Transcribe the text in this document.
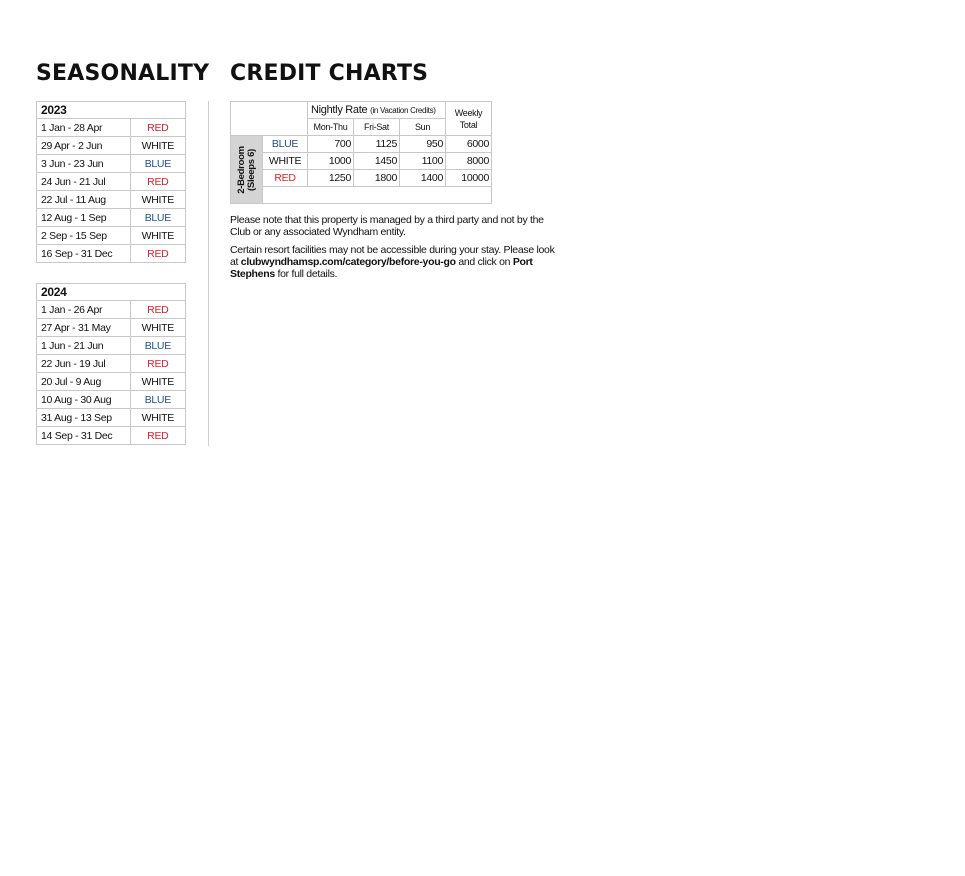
SEASONALITY CREDIT CHARTS
2023	
1 Jan - 28 Apr	RED
29 Apr - 2 Jun	WHITE
3 Jun - 23 Jun	BLUE
24 Jun - 21 Jul	RED
22 Jul - 11 Aug	WHITE
12 Aug - 1 Sep	BLUE
2 Sep - 15 Sep	WHITE
16 Sep - 31 Dec	RED
2024	
1 Jan - 26 Apr	RED
27 Apr - 31 May	WHITE
1 Jun - 21 Jun	BLUE
22 Jun - 19 Jul	RED
20 Jul - 9 Aug	WHITE
10 Aug - 30 Aug	BLUE
31 Aug - 13 Sep	WHITE
14 Sep - 31 Dec	RED
		Nightly Rate (in Vacation Credits)			Weekly
Total
		Mon-Thu	Fri-Sat	Sun	

2-Bedroom
(Sleeps 6)	BLUE	700	1125	950	6000
	WHITE	1000	1450	1100	8000
	RED	1250	1800	1400	10000

Please note that this property is managed by a third party and not by the Club or any associated Wyndham entity.
Certain resort facilities may not be accessible during your stay. Please look at clubwyndhamsp.com/category/before-you-go and click on Port Stephens for full details.
